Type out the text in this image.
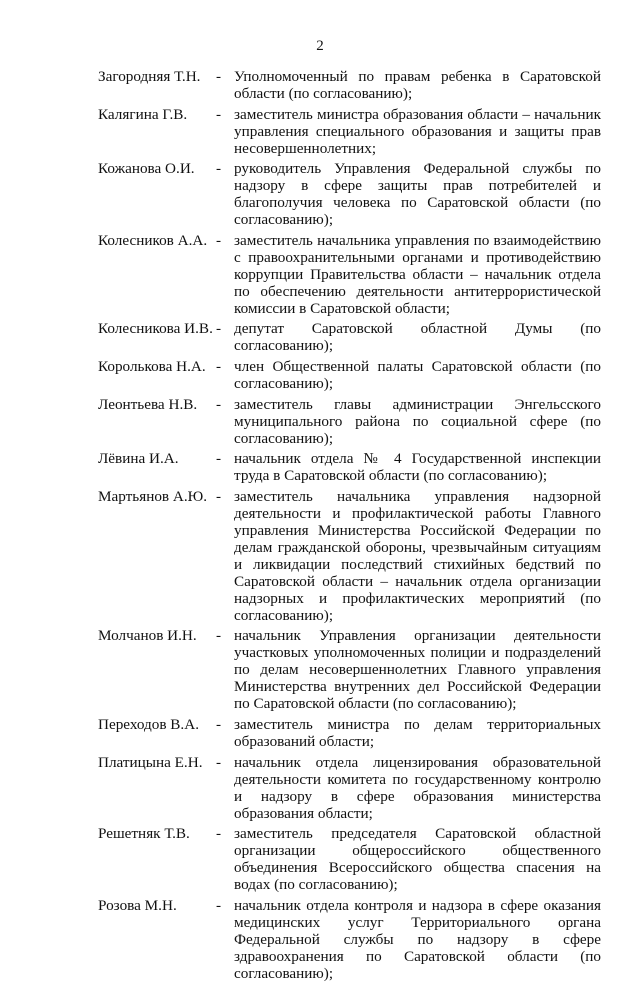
2
Загородняя Т.Н.	- Уполномоченный по правам ребенка в Саратовской области (по согласованию);
Калягина Г.В.	- заместитель министра образования области – начальник управления специального образования и защиты прав несовершеннолетних;
Кожанова О.И.	- руководитель Управления Федеральной службы по надзору в сфере защиты прав потребителей и благополучия человека по Саратовской области (по согласованию);
Колесников А.А. - заместитель начальника управления по взаимодействию с правоохранительными органами и противодействию коррупции Правительства области – начальник отдела по обеспечению деятельности антитеррористической комиссии в Саратовской области;
Колесникова И.В. - депутат Саратовской областной Думы (по согласованию);
Королькова Н.А. - член Общественной палаты Саратовской области (по согласованию);
Леонтьева Н.В.	- заместитель главы администрации Энгельсского муниципального района по социальной сфере (по согласованию);
Лёвина И.А.	- начальник отдела № 4 Государственной инспекции труда в Саратовской области (по согласованию);
Мартьянов А.Ю. - заместитель начальника управления надзорной деятельности и профилактической работы Главного управления Министерства Российской Федерации по делам гражданской обороны, чрезвычайным ситуациям и ликвидации последствий стихийных бедствий по Саратовской области – начальник отдела организации надзорных и профилактических мероприятий (по согласованию);
Молчанов И.Н.	- начальник Управления организации деятельности участковых уполномоченных полиции и подразделений по делам несовершеннолетних Главного управления Министерства внутренних дел Российской Федерации по Саратовской области (по согласованию);
Переходов В.А.	- заместитель министра по делам территориальных образований области;
Платицына Е.Н. - начальник отдела лицензирования образовательной деятельности комитета по государственному контролю и надзору в сфере образования министерства образования области;
Решетняк Т.В.	- заместитель председателя Саратовской областной организации общероссийского общественного объединения Всероссийского общества спасения на водах (по согласованию);
Розова М.Н.	- начальник отдела контроля и надзора в сфере оказания медицинских услуг Территориального органа Федеральной службы по надзору в сфере здравоохранения по Саратовской области (по согласованию);
